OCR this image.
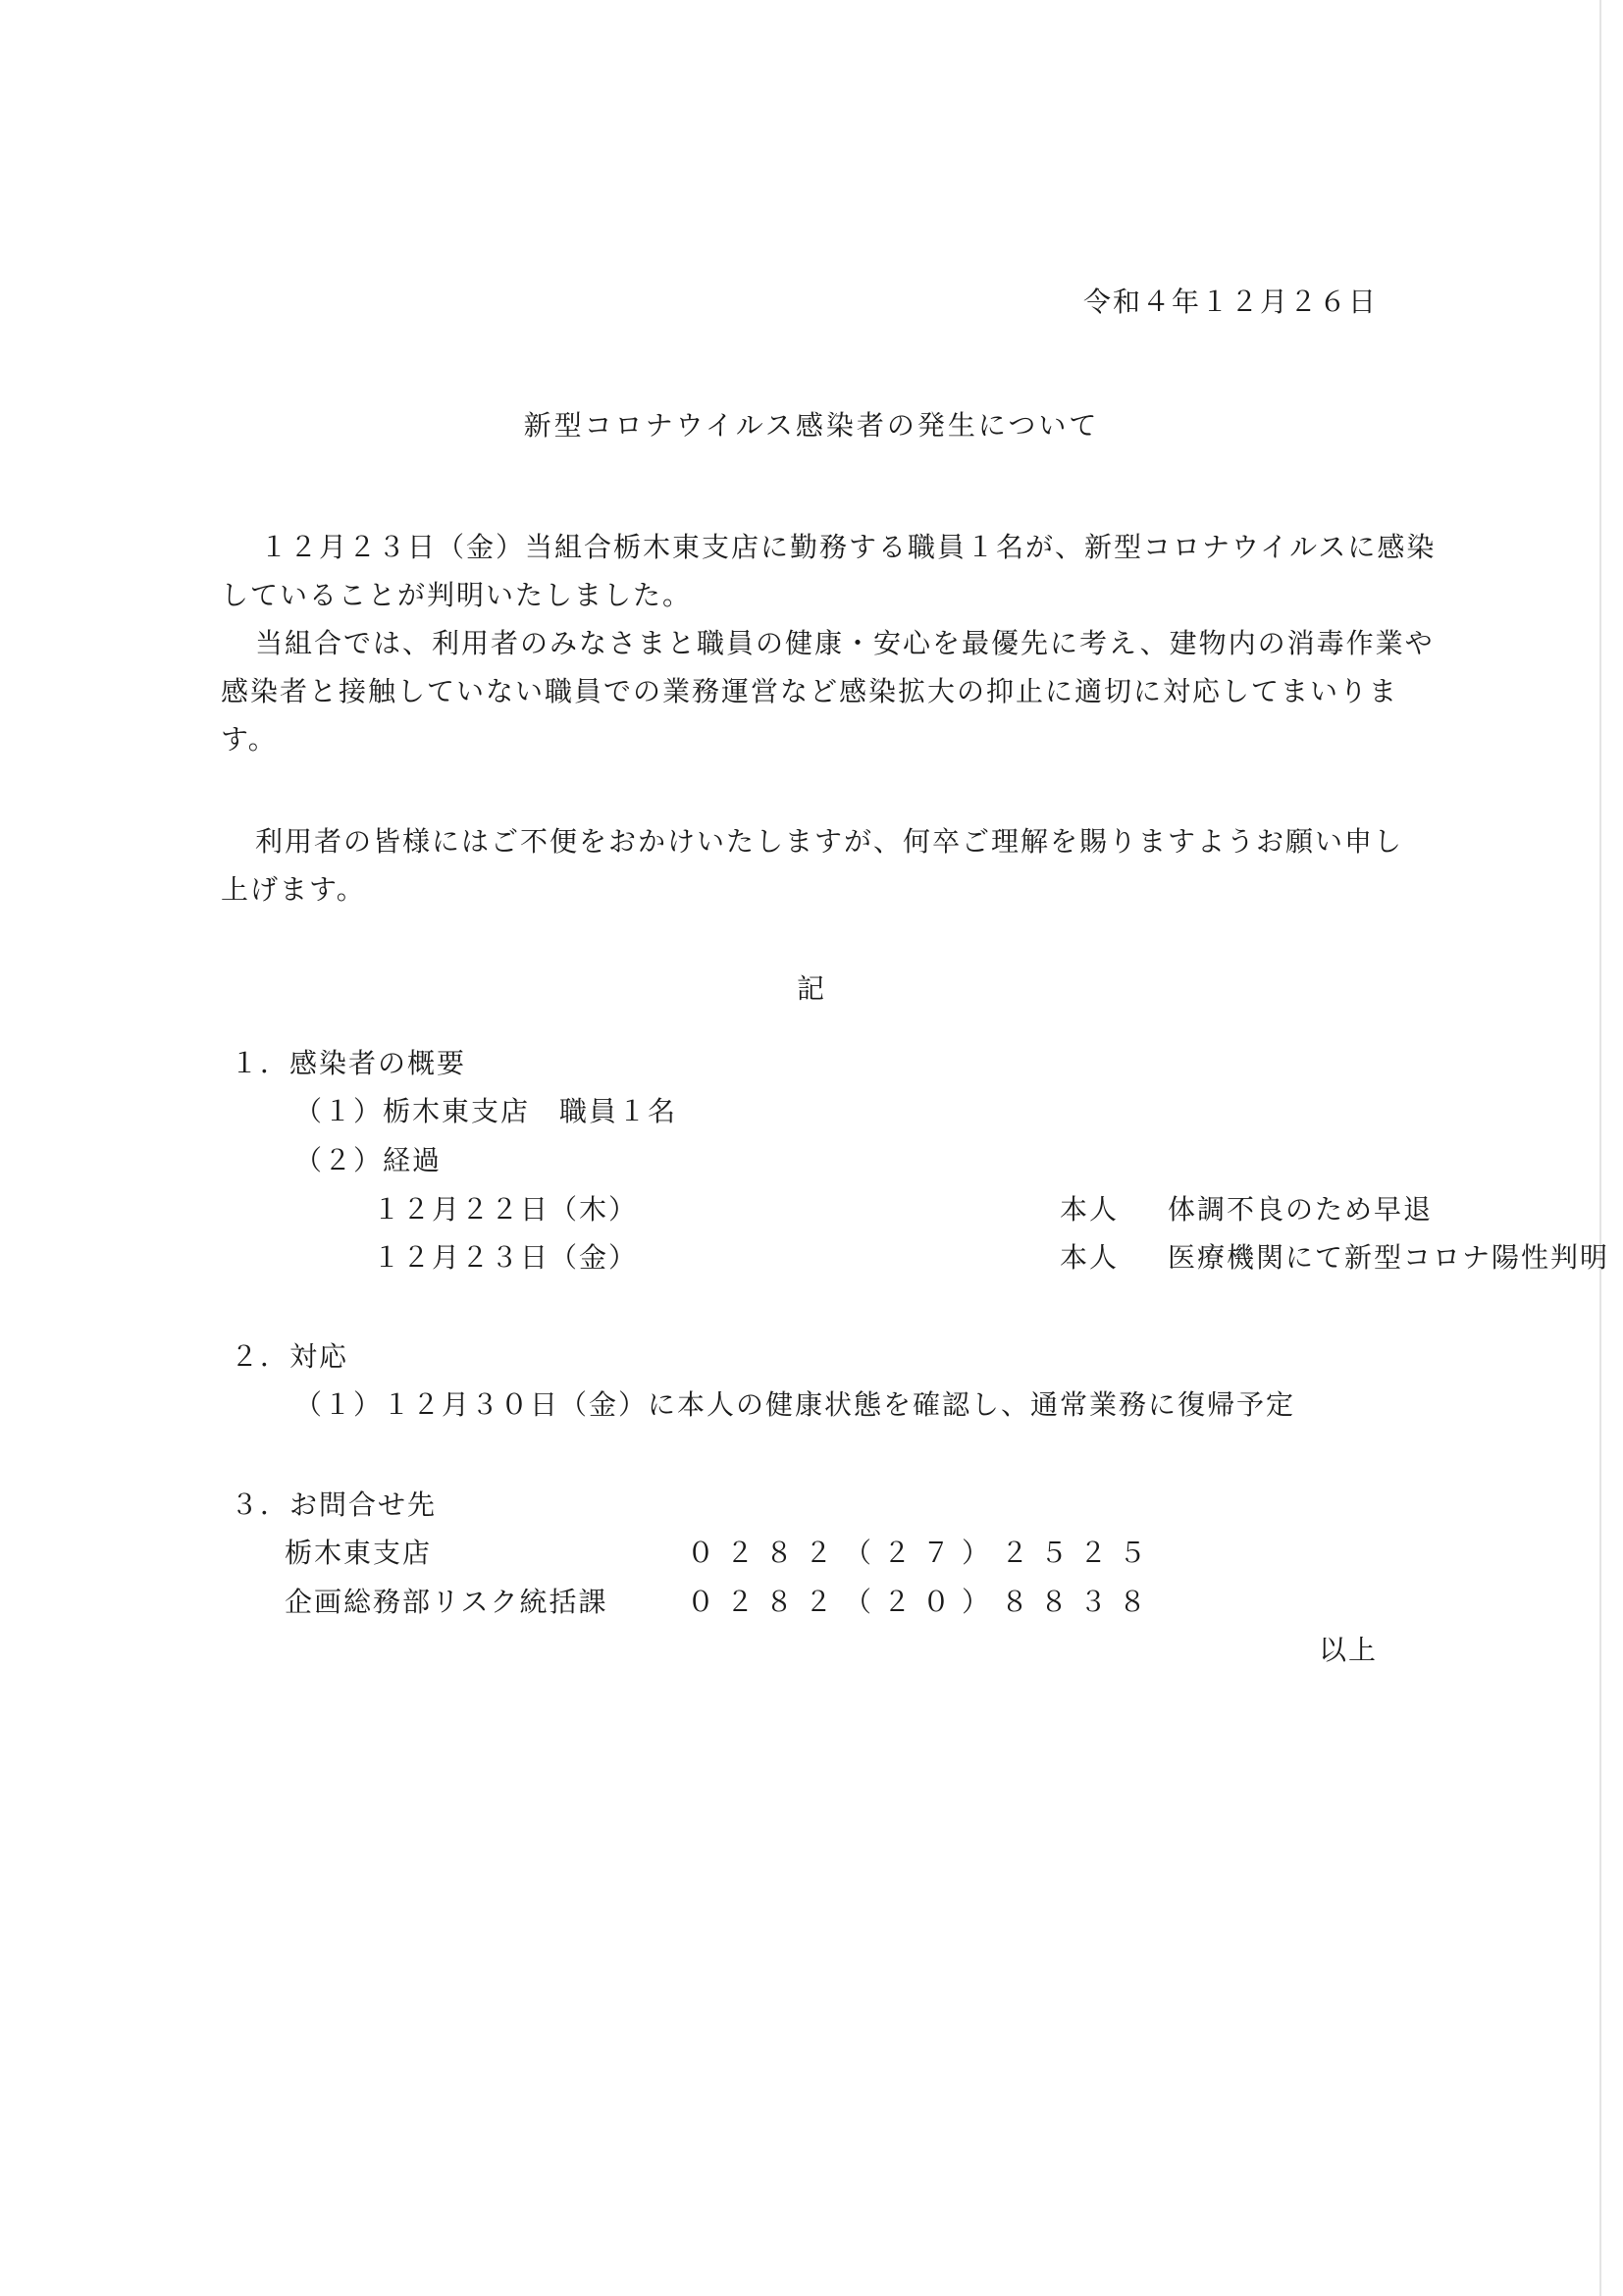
令和４年１２月２６日
新型コロナウイルス感染者の発生について
１２月２３日（金）当組合栃木東支店に勤務する職員１名が、新型コロナウイルスに感染
していることが判明いたしました。
当組合では、利用者のみなさまと職員の健康・安心を最優先に考え、建物内の消毒作業や
感染者と接触していない職員での業務運営など感染拡大の抑止に適切に対応してまいりま
す。
利用者の皆様にはご不便をおかけいたしますが、何卒ご理解を賜りますようお願い申し
上げます。
記
１．感染者の概要
（１）栃木東支店　職員１名
（２）経過
１２月２２日（木）	本人 体調不良のため早退
１２月２３日（金）	本人 医療機関にて新型コロナ陽性判明
２．対応
（１）１２月３０日（金）に本人の健康状態を確認し、通常業務に復帰予定
３．お問合せ先
栃木東支店	０２８２（２７）２５２５
企画総務部リスク統括課	０２８２（２０）８８３８
以上
